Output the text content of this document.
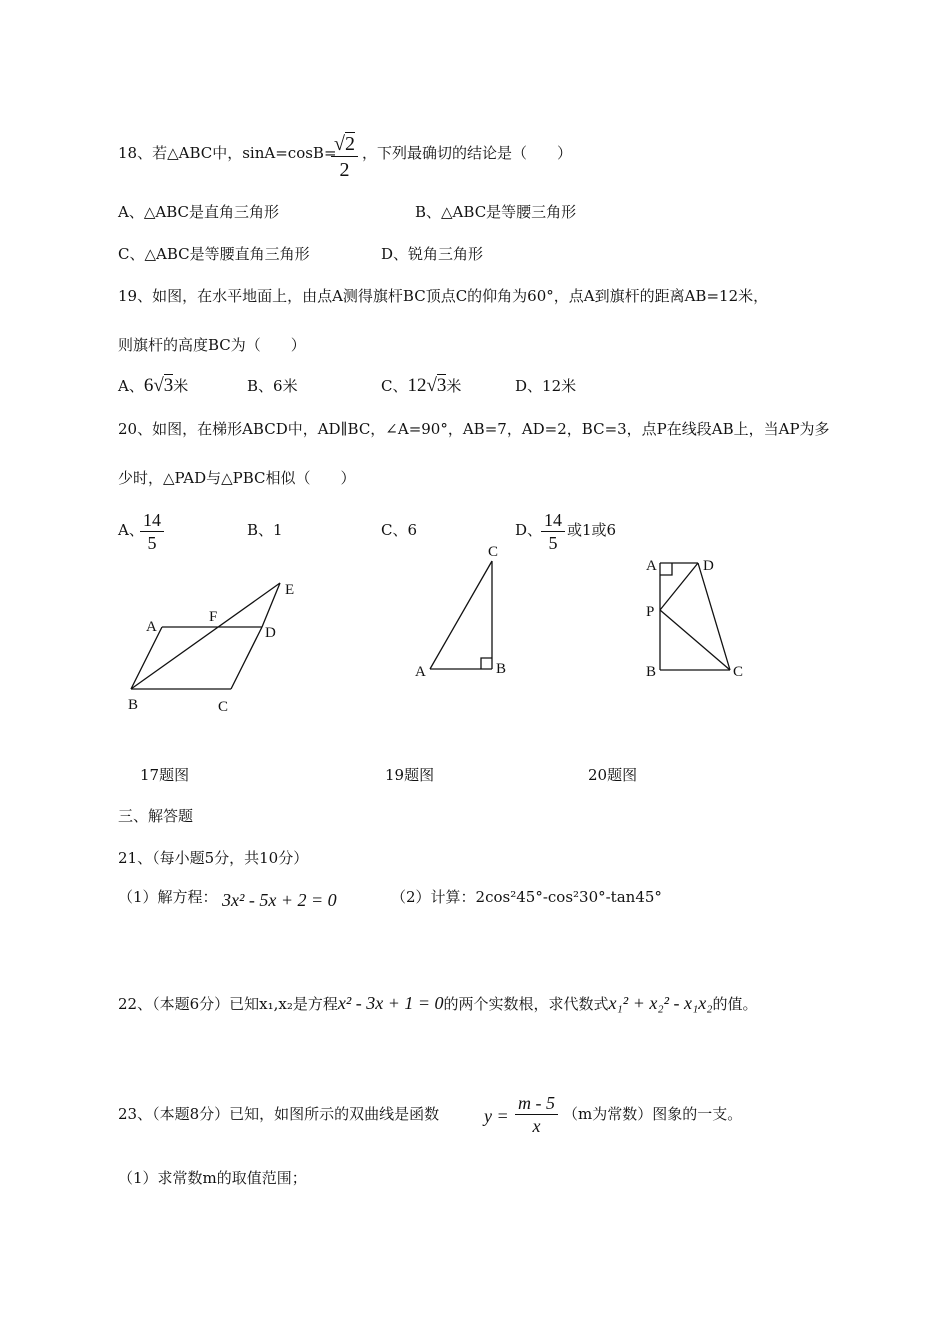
18、若△ABC中，sinA=cosB=
$\frac{√2}{2}$ ，下列最确切的结论是（　　）
A、△ABC是直角三角形	B、△ABC是等腰三角形
C、△ABC是等腰直角三角形	D、锐角三角形
19、如图，在水平地面上，由点A测得旗杆BC顶点C的仰角为60°，点A到旗杆的距离AB=12米，
则旗杆的高度BC为（　　）
A、6√3米	B、6米	C、12√3米	D、12米
20、如图，在梯形ABCD中，AD∥BC，∠A=90°，AB=7，AD=2，BC=3，点P在线段AB上，当AP为多
少时，△PAD与△PBC相似（　　）
A、
$\frac{14}{5}$	B、1	C、6	D、
$\frac{14}{5}$ 或1或6
A
F
D
E
B	C
A	B
C
A	D
P
B	C
17题图	19题图	20题图
三、解答题
21、（每小题5分，共10分）
（1）解方程： 3x² - 5x + 2 = 0	（2）计算：2cos²45°-cos²30°-tan45°
22、（本题6分）已知x₁,x₂是方程x² - 3x + 1 = 0的两个实数根，求代数式x₁² + x₂² - x₁x₂的值。
23、（本题8分）已知，如图所示的双曲线是函数 $y = \frac{m - 5}{x} (m$为常数）图象的一支。
（1）求常数m的取值范围；
